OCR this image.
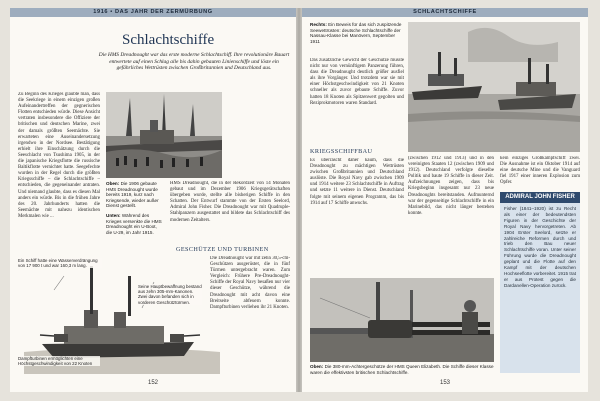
1916 • DAS JAHR DER ZERMÜRBUNG
Schlachtschiffe
Die HMS Dreadnought war das erste moderne Schlachtschiff. Ihre revolutionäre Bauart entwertete auf einen Schlag alle bis dahin gebauten Linienschiffe und löste ein gefährliches Wettrüsten zwischen Großbritannien und Deutschland aus.
Zu Beginn des Krieges glaubte man, dass die Seekriege in einem einzigen großen Aufeinandertreffen der gegnerischen Flotten entschieden würde. Diese Ansicht vertraten insbesondere die Offiziere der britischen und deutschen Marine, zwei der damals größten Seemächte. Sie erwarteten eine Auseinandersetzung irgendwo in der Nordsee. Bestätigung erhielt ihre Einschätzung durch die Seeschlacht von Tsushima 1905, in der die japanische Kriegsflotte die russische Baltikflotte vernichtet hatte. Seegefechte wurden in der Regel durch die größten Kriegsschiffe – die Schlachtschiffe – entschieden, die gegeneinander antraten. Und niemand glaubte, dass es diesen Mal anders ein würde. Bis in die frühen Jahre des 20. Jahrhunderts hatten die Seemächte mit nahezu identischen Merkmalen wie ...
Oben: Die 1906 gebaute HMS Dreadnought wurde bereits 1919, kurz nach Kriegsende, wieder außer Dienst gestellt.
Unten: Während des Krieges versenkte die HMS Dreadnought ein U-Boot, die U-29, im Jahr 1915.
Ein Schiff hatte eine Wasserverdrängung von 17 900 t und war 160,3 m lang.
Seine Hauptbewaffnung bestand aus zehn 305-mm-Kanonen. Zwei davon befanden sich in vorderen Geschütztürmen.
Dampfturbinen ermöglichten eine Höchstgeschwindigkeit von 22 Knoten
HMS Dreadnought, die in der Rekordzeit von 14 Monaten gebaut und im Dezember 1906 Kriegsgerätschaften übergeben wurde, stellte alle bisherigen Schiffe in den Schatten. Der Entwurf stammte von der Ersten Seelord, Admiral John Fisher. Die Dreadnought war mit Quadruple-Stahlpanzern ausgestattet und bildete das Schlachtschiff des modernen Zeitalters.
GESCHÜTZE UND TURBINEN
Die Dreadnought war mit zehn 30,5-cm-Geschützen ausgerüstet, die in fünf Türmen untergebracht waren. Zum Vergleich: Frühere Pre-Dreadnought-Schiffe der Royal Navy besaßen nur vier dieser Geschütze, während die Dreadnought mit acht davon eine Breitseite abfeuern konnte. Dampfturbinen verliehen ihr 21 Knoten.
152
SCHLACHTSCHIFFE
Rechts: Ein Beweis für das sich zuspitzende Seewettrüsten: deutsche Schlachtschiffe der Nassau-Klasse bei Manövern, September 1911
Das zusätzliche Gewicht der Geschütze musste nicht nur von vernünftigem Panzerung führen, dass die Dreadnought deutlich größer ausfiel als ihre Vorgänger. Und trotzdem war sie mit einer Höchstgeschwindigkeit von 21 Knoten schneller als zuvor gebaute Schiffe. Zuvor hatten 18 Knoten als Spitzenwert gegolten und Reziprokmotoren waren Standard.
KRIEGSSCHIFFBAU
Es überrascht daher kaum, dass die Dreadnought zu mächtigen Wettrüsten zwischen Großbritannien und Deutschland auslöste. Die Royal Navy gab zwischen 1909 und 1914 weitere 23 Schlachtschiffe in Auftrag und setzte 11 weitere in Dienst. Deutschland folgte mit seinem eigenen Programm, das bis 1914 auf 17 Schiffe anwuchs.
(zwischen 1912 und 1913) und in den vereinigten Staaten 12 (zwischen 1909 und 1912). Deutschland verfolgte dieselbe Politik und baute 19 Schiffe in dieser Zeit. Aufzeichnungen zeigen, dass bis Kriegsbeginn insgesamt nur 23 neue Dreadnoughts bereitstanden. Aufmunternd war der gegenseitige Schlachtschiffe in ein Marinebild, das nicht länger bestehen konnte.
kein einziges Großkampfschiff zwei. Die Ausnahme ist ein Oktober 1914 auf eine deutsche Mine und die Vanguard fiel 1917 einer inneren Explosion zum Opfer.
ADMIRAL JOHN FISHER
Fisher (1841–1920) ist zu Recht als einer der bedeutendsten Figuren in der Geschichte der Royal Navy hervorgetreten. Ab 1904 Erster Seelord, setzte er zahlreiche Reformen durch und trieb den Bau neuer Schlachtschiffe voran. Unter seiner Führung wurde die Dreadnought geplant und die Flotte auf den Kampf mit der deutschen Hochseeflotte vorbereitet. 1915 trat er aus Protest gegen die Dardanellen-Operation zurück.
Oben: Die 380-mm-Achtergeschütze der HMS Queen Elizabeth. Die Schiffe dieser Klasse waren die effektivsten britischen Schlachtschiffe.
153
